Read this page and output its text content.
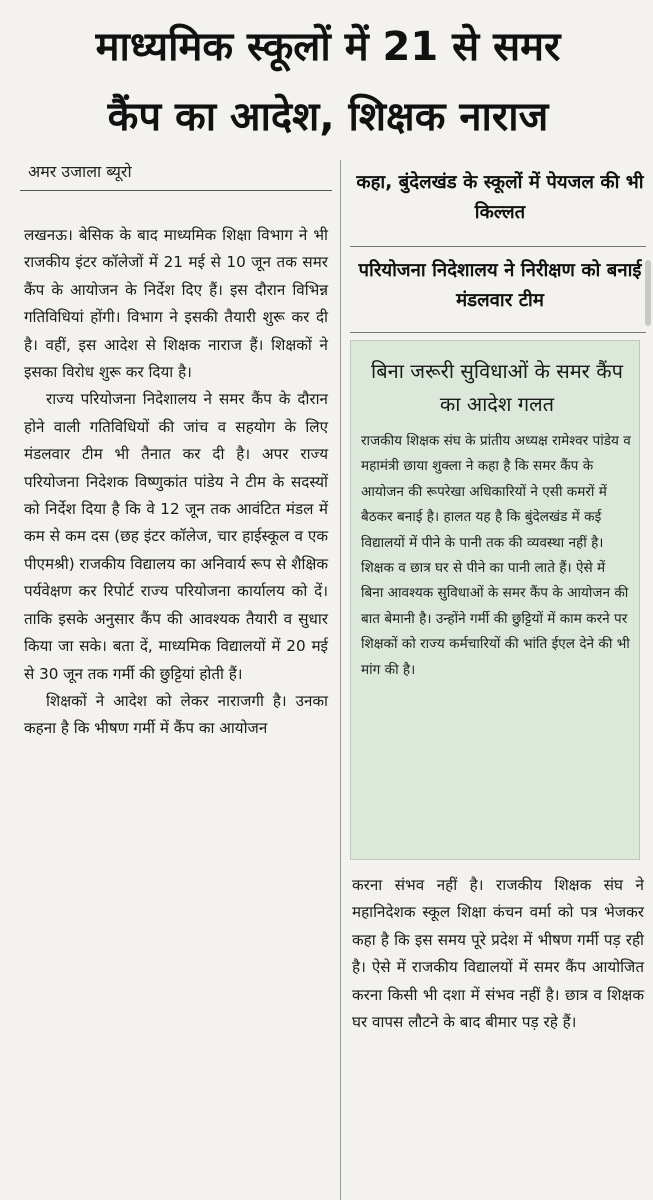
माध्यमिक स्कूलों में 21 से समर
कैंप का आदेश, शिक्षक नाराज
अमर उजाला ब्यूरो

लखनऊ। बेसिक के बाद माध्यमिक शिक्षा विभाग ने भी राजकीय इंटर कॉलेजों में 21 मई से 10 जून तक समर कैंप के आयोजन के निर्देश दिए हैं। इस दौरान विभिन्न गतिविधियां होंगी। विभाग ने इसकी तैयारी शुरू कर दी है। वहीं, इस आदेश से शिक्षक नाराज हैं। शिक्षकों ने इसका विरोध शुरू कर दिया है।

राज्य परियोजना निदेशालय ने समर कैंप के दौरान होने वाली गतिविधियों की जांच व सहयोग के लिए मंडलवार टीम भी तैनात कर दी है। अपर राज्य परियोजना निदेशक विष्णुकांत पांडेय ने टीम के सदस्यों को निर्देश दिया है कि वे 12 जून तक आवंटित मंडल में कम से कम दस (छह इंटर कॉलेज, चार हाईस्कूल व एक पीएमश्री) राजकीय विद्यालय का अनिवार्य रूप से शैक्षिक पर्यवेक्षण कर रिपोर्ट राज्य परियोजना कार्यालय को दें। ताकि इसके अनुसार कैंप की आवश्यक तैयारी व सुधार किया जा सके। बता दें, माध्यमिक विद्यालयों में 20 मई से 30 जून तक गर्मी की छुट्टियां होती हैं।

शिक्षकों ने आदेश को लेकर नाराजगी है। उनका कहना है कि भीषण गर्मी में कैंप का आयोजन

कहा, बुंदेलखंड के स्कूलों में पेयजल की भी किल्लत
परियोजना निदेशालय ने निरीक्षण को बनाई मंडलवार टीम
बिना जरूरी सुविधाओं के समर कैंप का आदेश गलत
राजकीय शिक्षक संघ के प्रांतीय अध्यक्ष रामेश्वर पांडेय व महामंत्री छाया शुक्ला ने कहा है कि समर कैंप के आयोजन की रूपरेखा अधिकारियों ने एसी कमरों में बैठकर बनाई है। हालत यह है कि बुंदेलखंड में कई विद्यालयों में पीने के पानी तक की व्यवस्था नहीं है। शिक्षक व छात्र घर से पीने का पानी लाते हैं। ऐसे में बिना आवश्यक सुविधाओं के समर कैंप के आयोजन की बात बेमानी है। उन्होंने गर्मी की छुट्टियों में काम करने पर शिक्षकों को राज्य कर्मचारियों की भांति ईएल देने की भी मांग की है।
करना संभव नहीं है। राजकीय शिक्षक संघ ने महानिदेशक स्कूल शिक्षा कंचन वर्मा को पत्र भेजकर कहा है कि इस समय पूरे प्रदेश में भीषण गर्मी पड़ रही है। ऐसे में राजकीय विद्यालयों में समर कैंप आयोजित करना किसी भी दशा में संभव नहीं है। छात्र व शिक्षक घर वापस लौटने के बाद बीमार पड़ रहे हैं।
